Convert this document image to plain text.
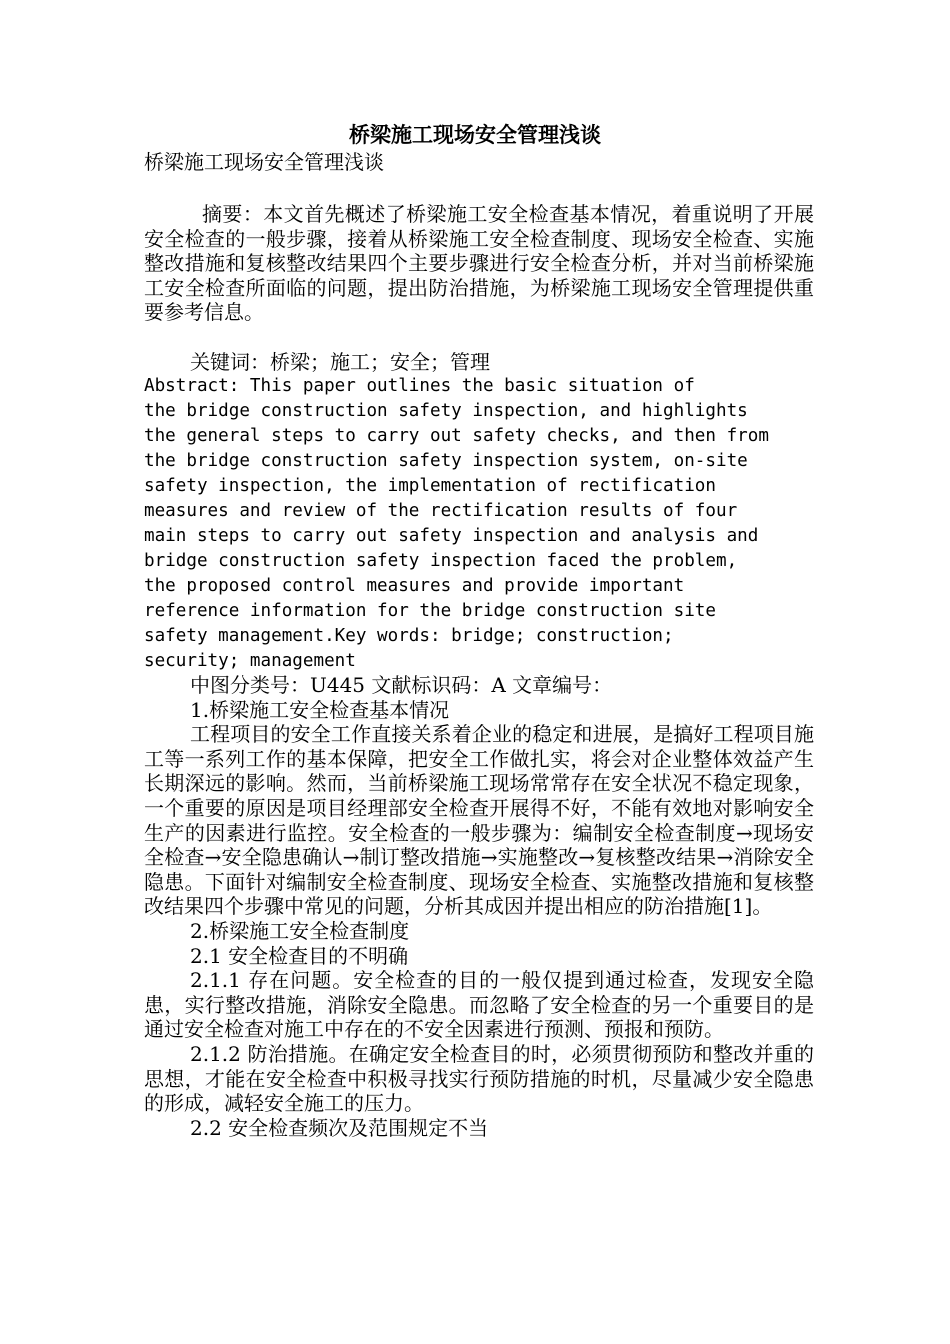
桥梁施工现场安全管理浅谈
桥梁施工现场安全管理浅谈
摘要：本文首先概述了桥梁施工安全检查基本情况，着重说明了开展安全检查的一般步骤，接着从桥梁施工安全检查制度、现场安全检查、实施整改措施和复核整改结果四个主要步骤进行安全检查分析，并对当前桥梁施工安全检查所面临的问题，提出防治措施，为桥梁施工现场安全管理提供重要参考信息。
关键词：桥梁；施工；安全；管理
Abstract: This paper outlines the basic situation of
the bridge construction safety inspection, and highlights
the general steps to carry out safety checks, and then from
the bridge construction safety inspection system, on-site
safety inspection, the implementation of rectification
measures and review of the rectification results of four
main steps to carry out safety inspection and analysis and
bridge construction safety inspection faced the problem,
the proposed control measures and provide important
reference information for the bridge construction site
safety management.Key words: bridge; construction;
security; management

中图分类号：U445 文献标识码：A 文章编号：

1.桥梁施工安全检查基本情况

工程项目的安全工作直接关系着企业的稳定和进展，是搞好工程项目施工等一系列工作的基本保障，把安全工作做扎实，将会对企业整体效益产生长期深远的影响。然而，当前桥梁施工现场常常存在安全状况不稳定现象，一个重要的原因是项目经理部安全检查开展得不好，不能有效地对影响安全生产的因素进行监控。安全检查的一般步骤为：编制安全检查制度→现场安全检查→安全隐患确认→制订整改措施→实施整改→复核整改结果→消除安全隐患。下面针对编制安全检查制度、现场安全检查、实施整改措施和复核整改结果四个步骤中常见的问题，分析其成因并提出相应的防治措施[1]。

2.桥梁施工安全检查制度

2.1 安全检查目的不明确

2.1.1 存在问题。安全检查的目的一般仅提到通过检查，发现安全隐患，实行整改措施，消除安全隐患。而忽略了安全检查的另一个重要目的是通过安全检查对施工中存在的不安全因素进行预测、预报和预防。

2.1.2 防治措施。在确定安全检查目的时，必须贯彻预防和整改并重的思想，才能在安全检查中积极寻找实行预防措施的时机，尽量减少安全隐患的形成，减轻安全施工的压力。

2.2 安全检查频次及范围规定不当
